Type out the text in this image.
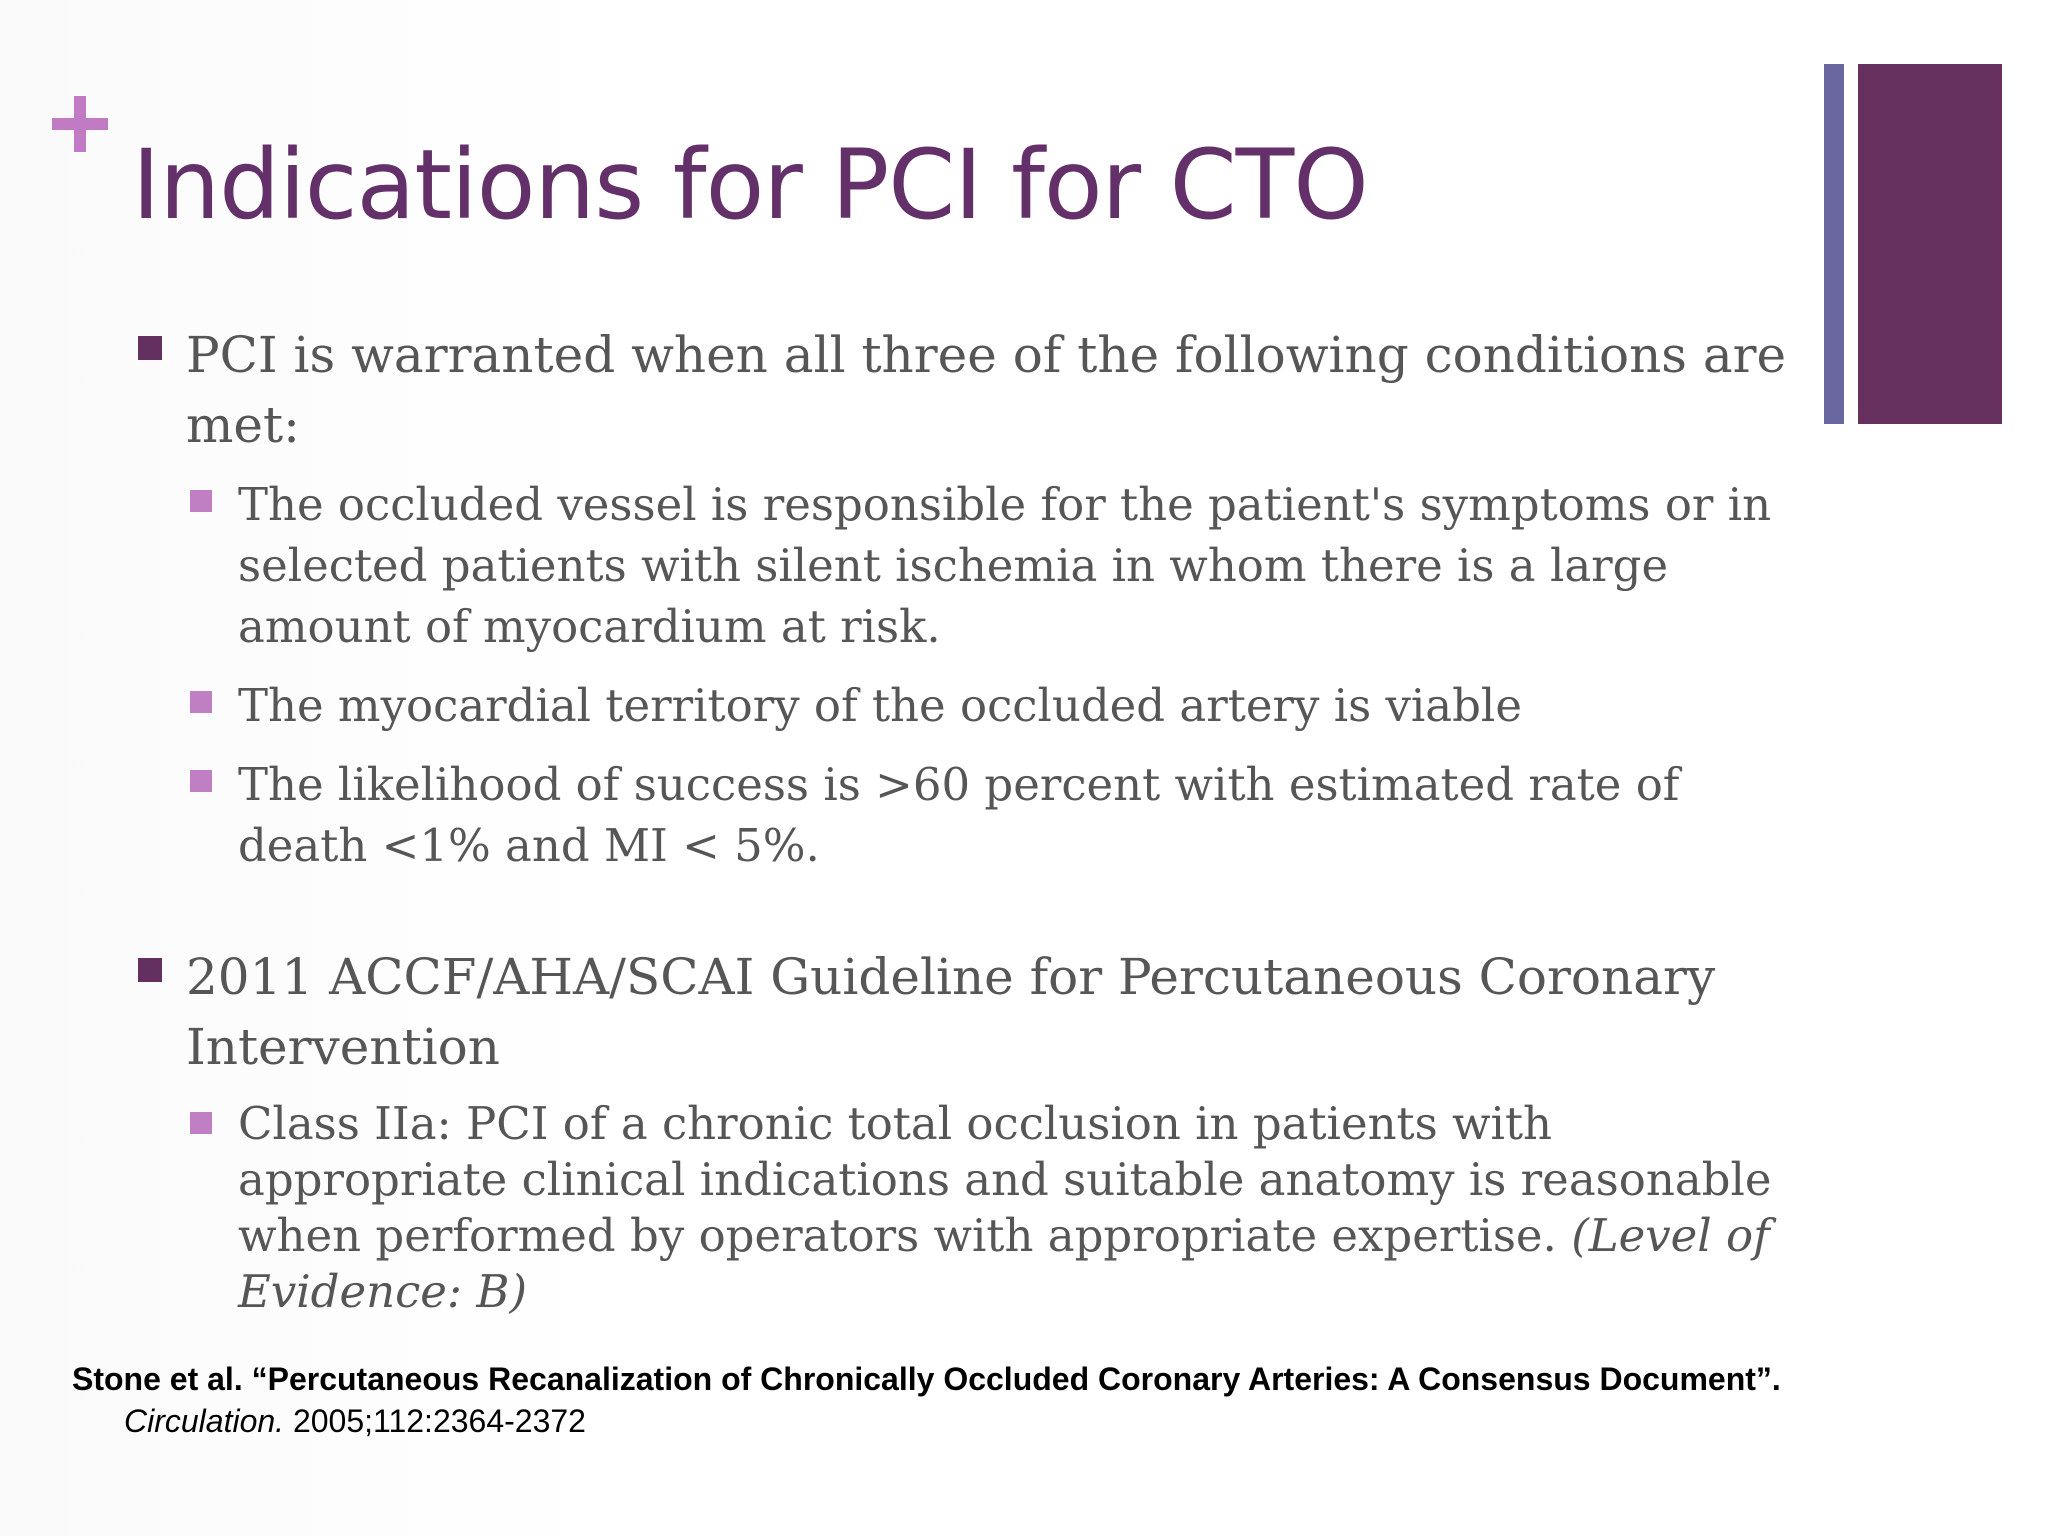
Indications for PCI for CTO
PCI is warranted when all three of the following conditions are met:
The occluded vessel is responsible for the patient's symptoms or in selected patients with silent ischemia in whom there is a large amount of myocardium at risk.
The myocardial territory of the occluded artery is viable
The likelihood of success is >60 percent with estimated rate of death <1% and MI < 5%.
2011 ACCF/AHA/SCAI Guideline for Percutaneous Coronary Intervention
Class IIa: PCI of a chronic total occlusion in patients with appropriate clinical indications and suitable anatomy is reasonable when performed by operators with appropriate expertise. (Level of Evidence: B)
Stone et al. “Percutaneous Recanalization of Chronically Occluded Coronary Arteries: A Consensus Document”.
Circulation. 2005;112:2364-2372
